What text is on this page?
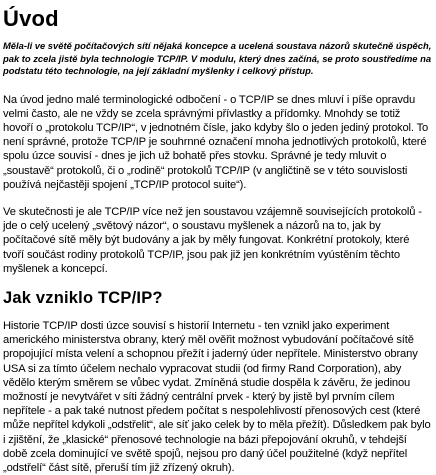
Úvod

Měla-li ve světě počítačových sítí nějaká koncepce a ucelená soustava názorů skutečně úspěch, pak to zcela jistě byla technologie TCP/IP. V modulu, který dnes začíná, se proto soustředíme na podstatu této technologie, na její základní myšlenky i celkový přístup.

Na úvod jedno malé terminologické odbočení - o TCP/IP se dnes mluví i píše opravdu velmi často, ale ne vždy se zcela správnými přívlastky a přídomky. Mnohdy se totiž hovoří o „protokolu TCP/IP“, v jednotném čísle, jako kdyby šlo o jeden jediný protokol. To není správné, protože TCP/IP je souhrnné označení mnoha jednotlivých protokolů, které spolu úzce souvisí - dnes je jich už bohatě přes stovku. Správné je tedy mluvit o „soustavě“ protokolů, či o „rodině“ protokolů TCP/IP (v angličtině se v této souvislosti používá nejčastěji spojení „TCP/IP protocol suite“).

Ve skutečnosti je ale TCP/IP více než jen soustavou vzájemně souvisejících protokolů - jde o celý ucelený „světový názor“, o soustavu myšlenek a názorů na to, jak by počítačové sítě měly být budovány a jak by měly fungovat. Konkrétní protokoly, které tvoří součást rodiny protokolů TCP/IP, jsou pak již jen konkrétním vyústěním těchto myšlenek a koncepcí.

Jak vzniklo TCP/IP?

Historie TCP/IP dosti úzce souvisí s historií Internetu - ten vznikl jako experiment amerického ministerstva obrany, který měl ověřit možnost vybudování počítačové sítě propojující místa velení a schopnou přežít i jaderný úder nepřítele. Ministerstvo obrany USA si za tímto účelem nechalo vypracovat studii (od firmy Rand Corporation), aby vědělo kterým směrem se vůbec vydat. Zmíněná studie dospěla k závěru, že jedinou možností je nevytvářet v síti žádný centrální prvek - který by jistě byl prvním cílem nepřítele - a pak také nutnost předem počítat s nespolehlivostí přenosových cest (které může nepřítel kdykoli „odstřelit“, ale síť jako celek by to měla přežít). Důsledkem pak bylo i zjištění, že „klasické“ přenosové technologie na bázi přepojování okruhů, v tehdejší době zcela dominující ve světě spojů, nejsou pro daný účel použitelné (když nepřítel „odstřelí“ část sítě, přeruší tím již zřízený okruh).
